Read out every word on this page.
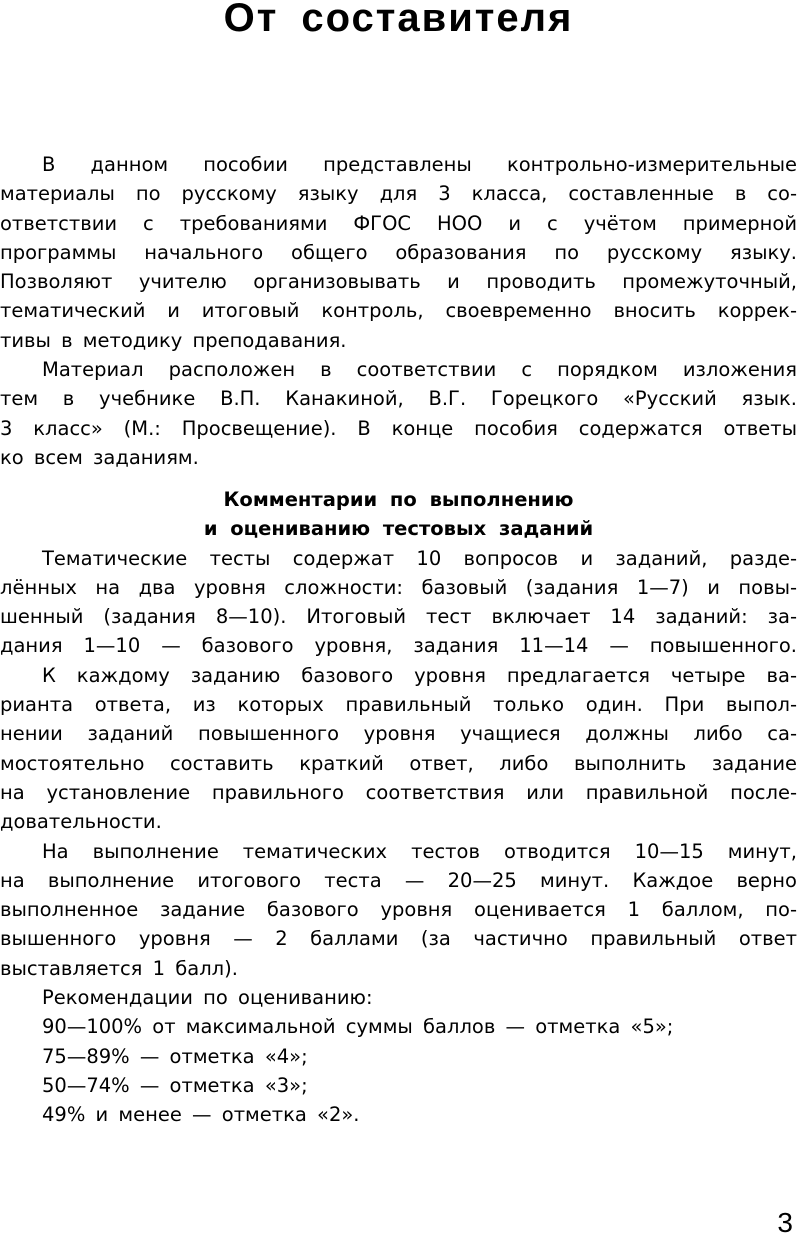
От составителя
В данном пособии представлены контрольно-измерительные
материалы по русскому языку для 3 класса, составленные в со-
ответствии с требованиями ФГОС НОО и с учётом примерной
программы начального общего образования по русскому языку.
Позволяют учителю организовывать и проводить промежуточный,
тематический и итоговый контроль, своевременно вносить коррек-
тивы в методику преподавания.
Материал расположен в соответствии с порядком изложения
тем в учебнике В.П. Канакиной, В.Г. Горецкого «Русский язык.
3 класс» (М.: Просвещение). В конце пособия содержатся ответы
ко всем заданиям.
Комментарии по выполнению
и оцениванию тестовых заданий
Тематические тесты содержат 10 вопросов и заданий, разде-
лённых на два уровня сложности: базовый (задания 1—7) и повы-
шенный (задания 8—10). Итоговый тест включает 14 заданий: за-
дания 1—10 — базового уровня, задания 11—14 — повышенного.
К каждому заданию базового уровня предлагается четыре ва-
рианта ответа, из которых правильный только один. При выпол-
нении заданий повышенного уровня учащиеся должны либо са-
мостоятельно составить краткий ответ, либо выполнить задание
на установление правильного соответствия или правильной после-
довательности.
На выполнение тематических тестов отводится 10—15 минут,
на выполнение итогового теста — 20—25 минут. Каждое верно
выполненное задание базового уровня оценивается 1 баллом, по-
вышенного уровня — 2 баллами (за частично правильный ответ
выставляется 1 балл).
Рекомендации по оцениванию:
90—100% от максимальной суммы баллов — отметка «5»;
75—89% — отметка «4»;
50—74% — отметка «3»;
49% и менее — отметка «2».
3
